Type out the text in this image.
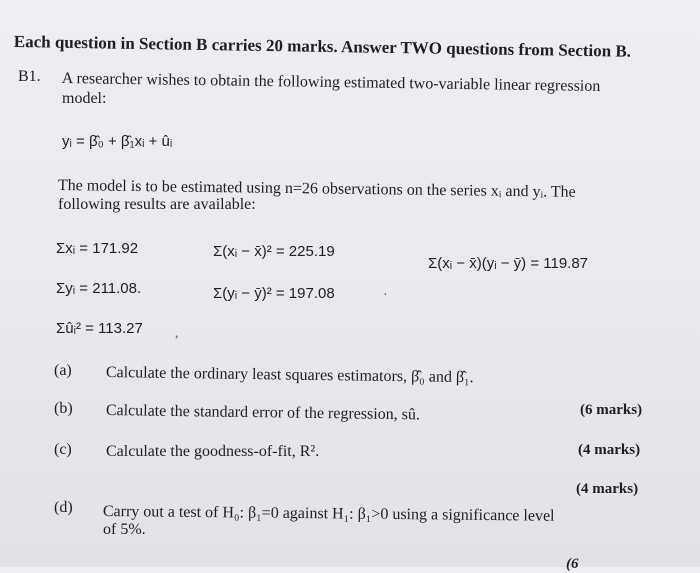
Each question in Section B carries 20 marks. Answer TWO questions from Section B.
B1. A researcher wishes to obtain the following estimated two-variable linear regression
model:
yᵢ = β̂₀ + β̂₁xᵢ + ûᵢ
The model is to be estimated using n=26 observations on the series xᵢ and yᵢ. The
following results are available:
Σxᵢ = 171.92	Σ(xᵢ − x̄)² = 225.19
Σ(xᵢ − x̄)(yᵢ − ȳ) = 119.87
Σyᵢ = 211.08.	Σ(yᵢ − ȳ)² = 197.08	·
Σûᵢ² = 113.27 ,
(a) Calculate the ordinary least squares estimators, β̂₀ and β̂₁.
(6 marks)
(b) Calculate the standard error of the regression, sû.
(4 marks)
(c) Calculate the goodness-of-fit, R².
(4 marks)
(d) Carry out a test of H₀: β₁=0 against H₁: β₁>0 using a significance level
of 5%.
(6
